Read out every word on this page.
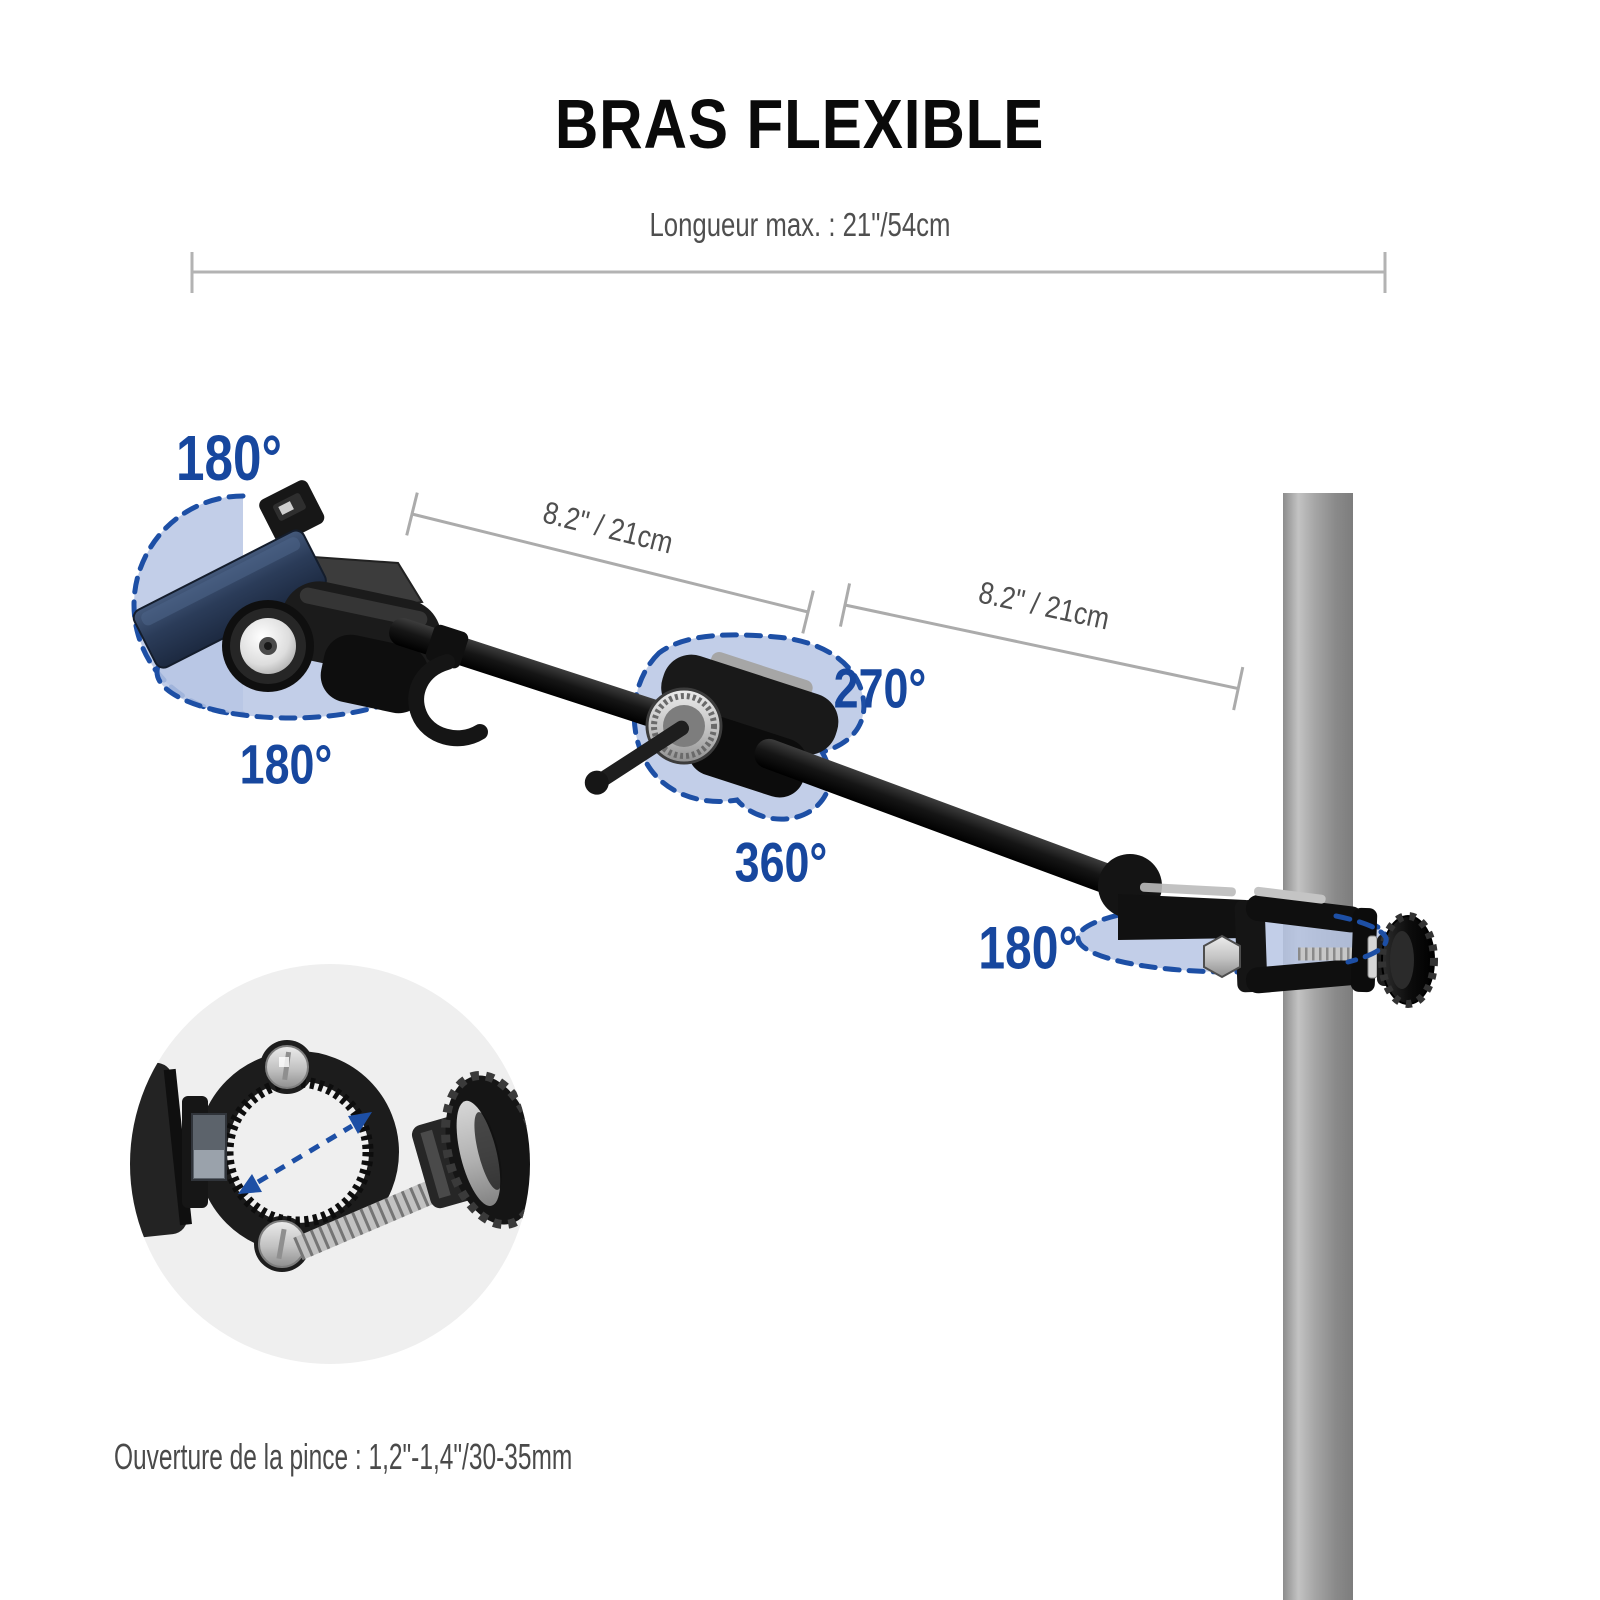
BRAS FLEXIBLE
Longueur max. : 21"/54cm
180°
180°
270°
360°
180°
8.2" / 21cm
8.2" / 21cm
Ouverture de la pince : 1,2"-1,4"/30-35mm
